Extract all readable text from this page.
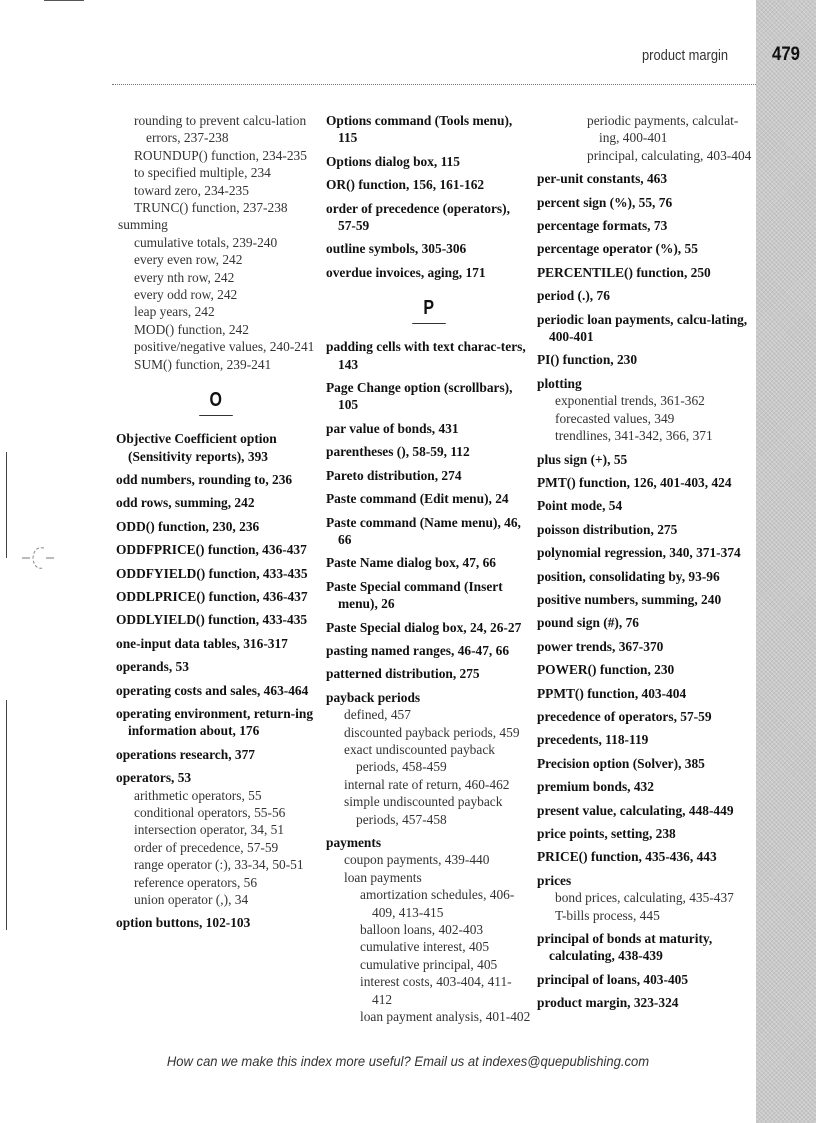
product margin	479
rounding to prevent calcu-lation errors, 237-238
ROUNDUP() function, 234-235
to specified multiple, 234
toward zero, 234-235
TRUNC() function, 237-238
summing
cumulative totals, 239-240
every even row, 242
every nth row, 242
every odd row, 242
leap years, 242
MOD() function, 242
positive/negative values, 240-241
SUM() function, 239-241
O
Objective Coefficient option (Sensitivity reports), 393
odd numbers, rounding to, 236
odd rows, summing, 242
ODD() function, 230, 236
ODDFPRICE() function, 436-437
ODDFYIELD() function, 433-435
ODDLPRICE() function, 436-437
ODDLYIELD() function, 433-435
one-input data tables, 316-317
operands, 53
operating costs and sales, 463-464
operating environment, return-ing information about, 176
operations research, 377
operators, 53
arithmetic operators, 55
conditional operators, 55-56
intersection operator, 34, 51
order of precedence, 57-59
range operator (:), 33-34, 50-51
reference operators, 56
union operator (,), 34
option buttons, 102-103
Options command (Tools menu), 115
Options dialog box, 115
OR() function, 156, 161-162
order of precedence (operators), 57-59
outline symbols, 305-306
overdue invoices, aging, 171
P
padding cells with text charac-ters, 143
Page Change option (scrollbars), 105
par value of bonds, 431
parentheses (), 58-59, 112
Pareto distribution, 274
Paste command (Edit menu), 24
Paste command (Name menu), 46, 66
Paste Name dialog box, 47, 66
Paste Special command (Insert menu), 26
Paste Special dialog box, 24, 26-27
pasting named ranges, 46-47, 66
patterned distribution, 275
payback periods
defined, 457
discounted payback periods, 459
exact undiscounted payback periods, 458-459
internal rate of return, 460-462
simple undiscounted payback periods, 457-458
payments
coupon payments, 439-440
loan payments
amortization schedules, 406-409, 413-415
balloon loans, 402-403
cumulative interest, 405
cumulative principal, 405
interest costs, 403-404, 411-412
loan payment analysis, 401-402
periodic payments, calculat-ing, 400-401
principal, calculating, 403-404
per-unit constants, 463
percent sign (%), 55, 76
percentage formats, 73
percentage operator (%), 55
PERCENTILE() function, 250
period (.), 76
periodic loan payments, calcu-lating, 400-401
PI() function, 230
plotting
exponential trends, 361-362
forecasted values, 349
trendlines, 341-342, 366, 371
plus sign (+), 55
PMT() function, 126, 401-403, 424
Point mode, 54
poisson distribution, 275
polynomial regression, 340, 371-374
position, consolidating by, 93-96
positive numbers, summing, 240
pound sign (#), 76
power trends, 367-370
POWER() function, 230
PPMT() function, 403-404
precedence of operators, 57-59
precedents, 118-119
Precision option (Solver), 385
premium bonds, 432
present value, calculating, 448-449
price points, setting, 238
PRICE() function, 435-436, 443
prices
bond prices, calculating, 435-437
T-bills process, 445
principal of bonds at maturity, calculating, 438-439
principal of loans, 403-405
product margin, 323-324
How can we make this index more useful? Email us at indexes@quepublishing.com
